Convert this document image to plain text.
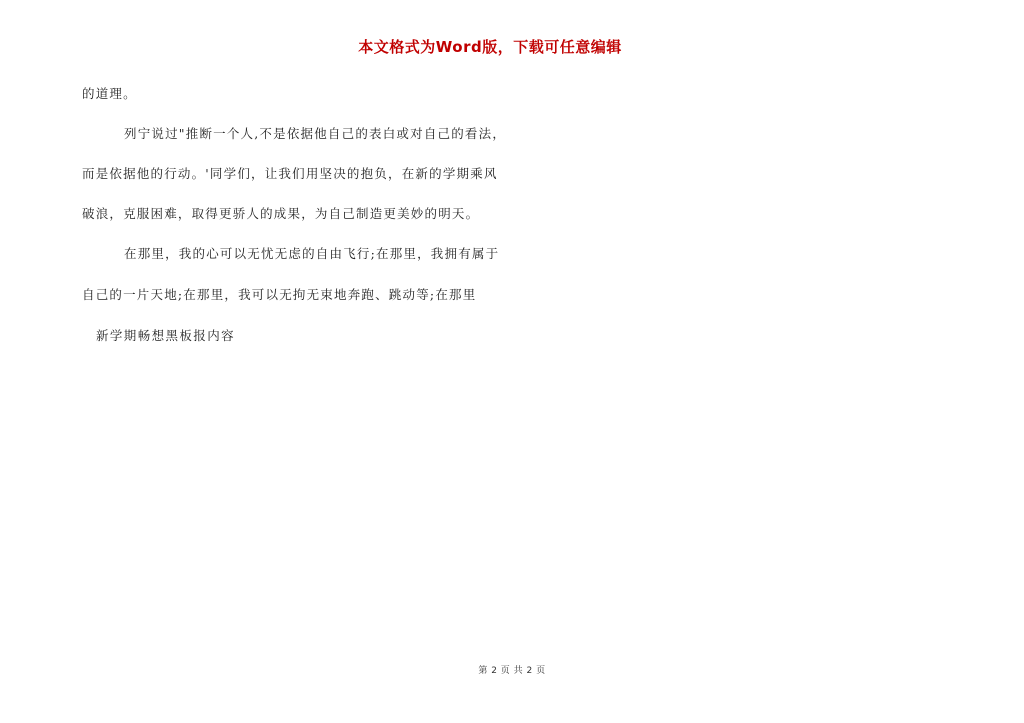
本文格式为Word版，下载可任意编辑
的道理。
列宁说过"推断一个人,不是依据他自己的表白或对自己的看法，
而是依据他的行动。'同学们，让我们用坚决的抱负，在新的学期乘风
破浪，克服困难，取得更骄人的成果，为自己制造更美妙的明天。
在那里，我的心可以无忧无虑的自由飞行;在那里，我拥有属于
自己的一片天地;在那里，我可以无拘无束地奔跑、跳动等;在那里
新学期畅想黑板报内容
第 2 页 共 2 页
